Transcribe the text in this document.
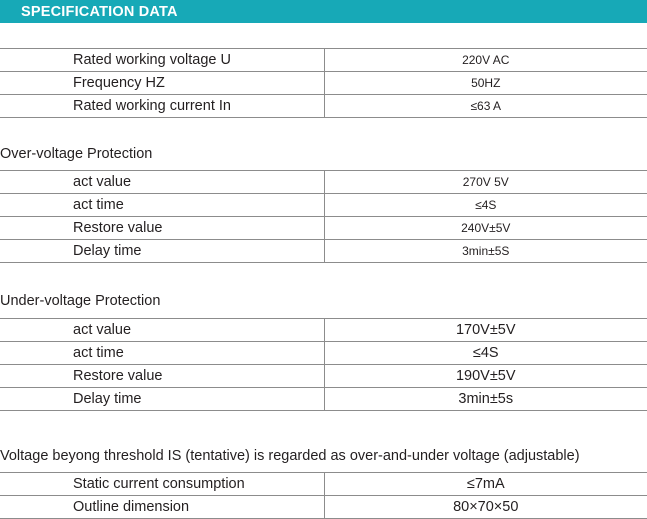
SPECIFICATION DATA
Rated working voltage U	220V AC
Frequency HZ	50HZ
Rated working current In	≤63 A
Over-voltage Protection
act value	270V 5V
act time	≤4S
Restore value	240V±5V
Delay time	3min±5S
Under-voltage Protection
act value	170V±5V
act time	≤4S
Restore value	190V±5V
Delay time	3min±5s
Voltage beyong threshold IS (tentative) is regarded as over-and-under voltage (adjustable)
Static current consumption	≤7mA
Outline dimension	80×70×50
